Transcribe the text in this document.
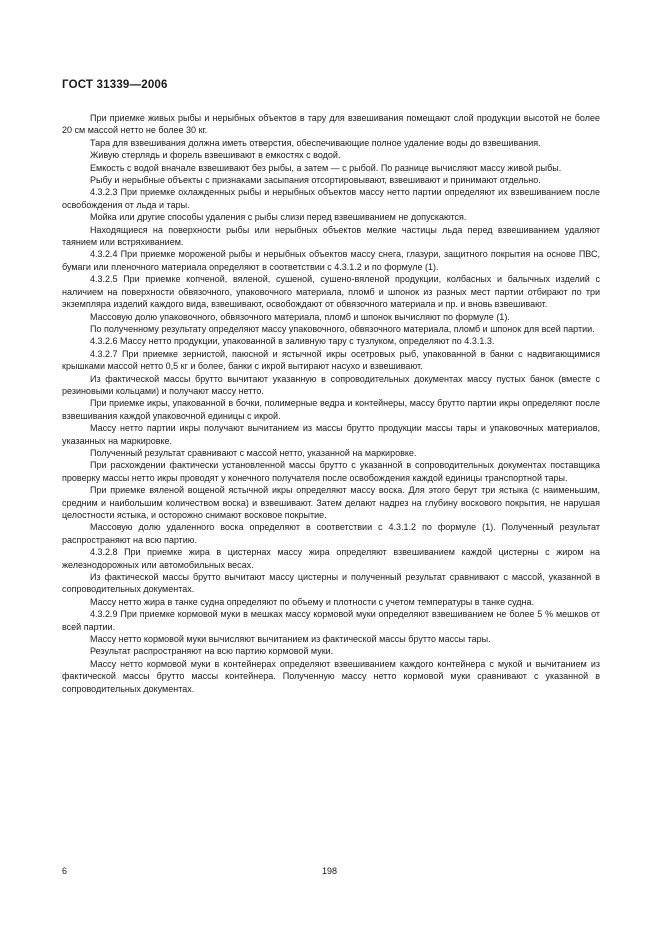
ГОСТ 31339—2006

При приемке живых рыбы и нерыбных объектов в тару для взвешивания помещают слой продукции высотой не более 20 см массой нетто не более 30 кг.

Тара для взвешивания должна иметь отверстия, обеспечивающие полное удаление воды до взвешивания.

Живую стерлядь и форель взвешивают в емкостях с водой.

Емкость с водой вначале взвешивают без рыбы, а затем — с рыбой. По разнице вычисляют массу живой рыбы.

Рыбу и нерыбные объекты с признаками засыпания отсортировывают, взвешивают и принимают отдельно.

4.3.2.3 При приемке охлажденных рыбы и нерыбных объектов массу нетто партии определяют их взвешиванием после освобождения от льда и тары.

Мойка или другие способы удаления с рыбы слизи перед взвешиванием не допускаются.

Находящиеся на поверхности рыбы или нерыбных объектов мелкие частицы льда перед взвешиванием удаляют таянием или встряхиванием.

4.3.2.4 При приемке мороженой рыбы и нерыбных объектов массу снега, глазури, защитного покрытия на основе ПВС, бумаги или пленочного материала определяют в соответствии с 4.3.1.2 и по формуле (1).

4.3.2.5 При приемке копченой, вяленой, сушеной, сушено-вяленой продукции, колбасных и балычных изделий с наличием на поверхности обвязочного, упаковочного материала, пломб и шпонок из разных мест партии отбирают по три экземпляра изделий каждого вида, взвешивают, освобождают от обвязочного материала и пр. и вновь взвешивают.

Массовую долю упаковочного, обвязочного материала, пломб и шпонок вычисляют по формуле (1).

По полученному результату определяют массу упаковочного, обвязочного материала, пломб и шпонок для всей партии.

4.3.2.6 Массу нетто продукции, упакованной в заливную тару с тузлуком, определяют по 4.3.1.3.

4.3.2.7 При приемке зернистой, паюсной и ястычной икры осетровых рыб, упакованной в банки с надвигающимися крышками массой нетто 0,5 кг и более, банки с икрой вытирают насухо и взвешивают.

Из фактической массы брутто вычитают указанную в сопроводительных документах массу пустых банок (вместе с резиновыми кольцами) и получают массу нетто.

При приемке икры, упакованной в бочки, полимерные ведра и контейнеры, массу брутто партии икры определяют после взвешивания каждой упаковочной единицы с икрой.

Массу нетто партии икры получают вычитанием из массы брутто продукции массы тары и упаковочных материалов, указанных на маркировке.

Полученный результат сравнивают с массой нетто, указанной на маркировке.

При расхождении фактически установленной массы брутто с указанной в сопроводительных документах поставщика проверку массы нетто икры проводят у конечного получателя после освобождения каждой единицы транспортной тары.

При приемке вяленой вощеной ястычной икры определяют массу воска. Для этого берут три ястыка (с наименьшим, средним и наибольшим количеством воска) и взвешивают. Затем делают надрез на глубину воскового покрытия, не нарушая целостности ястыка, и осторожно снимают восковое покрытие.

Массовую долю удаленного воска определяют в соответствии с 4.3.1.2 по формуле (1). Полученный результат распространяют на всю партию.

4.3.2.8 При приемке жира в цистернах массу жира определяют взвешиванием каждой цистерны с жиром на железнодорожных или автомобильных весах.

Из фактической массы брутто вычитают массу цистерны и полученный результат сравнивают с массой, указанной в сопроводительных документах.

Массу нетто жира в танке судна определяют по объему и плотности с учетом температуры в танке судна.

4.3.2.9 При приемке кормовой муки в мешках массу кормовой муки определяют взвешиванием не более 5 % мешков от всей партии.

Массу нетто кормовой муки вычисляют вычитанием из фактической массы брутто массы тары.

Результат распространяют на всю партию кормовой муки.

Массу нетто кормовой муки в контейнерах определяют взвешиванием каждого контейнера с мукой и вычитанием из фактической массы брутто массы контейнера. Полученную массу нетто кормовой муки сравнивают с указанной в сопроводительных документах.

6	198
